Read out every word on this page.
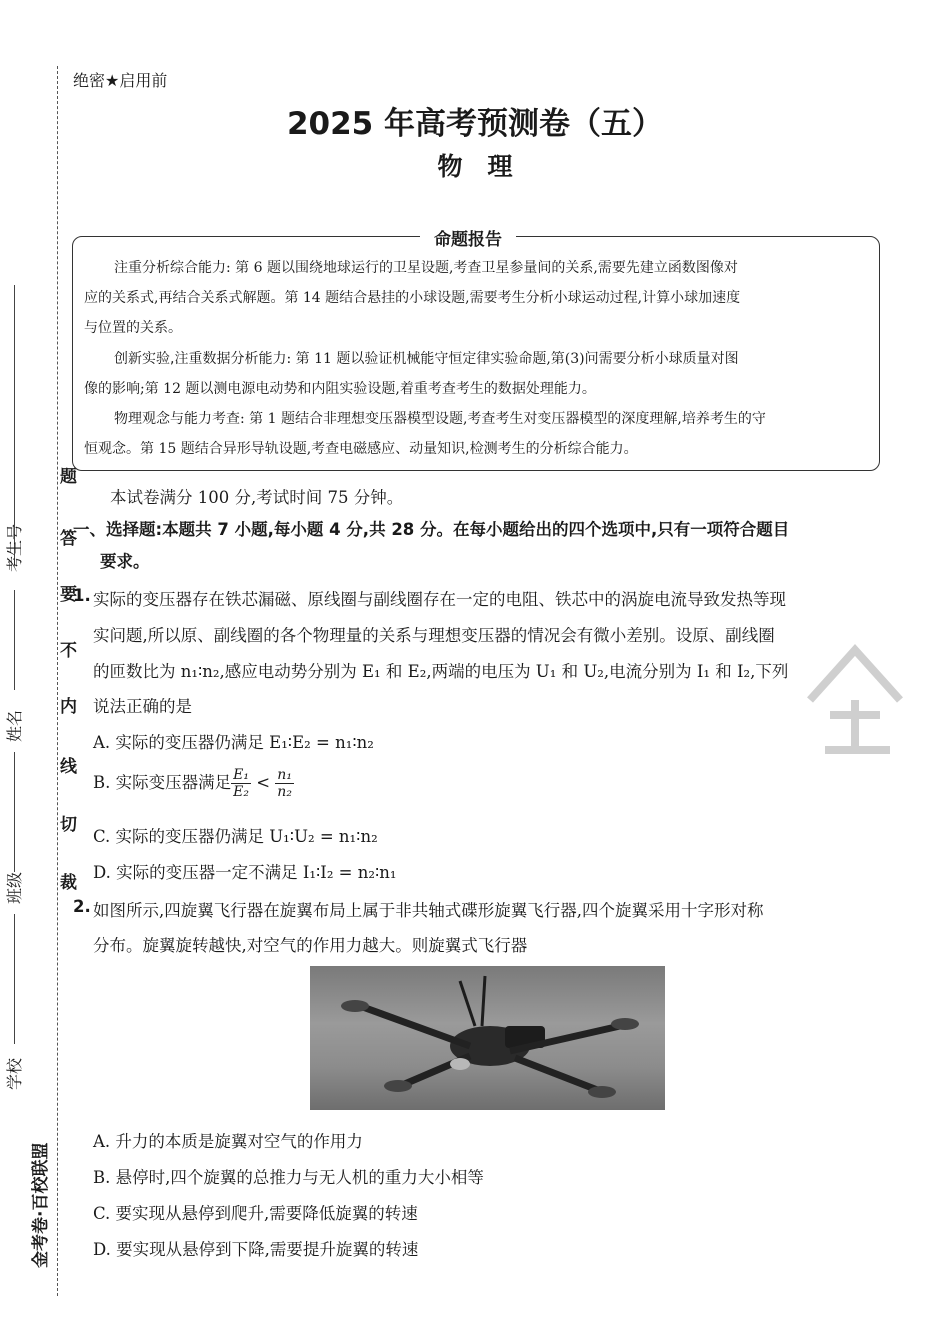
题
答
要
不
内
线
切
裁
考生号
姓名
班级
学校
金考卷·百校联盟
绝密★启用前
2025 年高考预测卷（五）
物　理
命题报告
注重分析综合能力: 第 6 题以围绕地球运行的卫星设题,考查卫星参量间的关系,需要先建立函数图像对
应的关系式,再结合关系式解题。第 14 题结合悬挂的小球设题,需要考生分析小球运动过程,计算小球加速度
与位置的关系。
创新实验,注重数据分析能力: 第 11 题以验证机械能守恒定律实验命题,第(3)问需要分析小球质量对图
像的影响;第 12 题以测电源电动势和内阻实验设题,着重考查考生的数据处理能力。
物理观念与能力考查: 第 1 题结合非理想变压器模型设题,考查考生对变压器模型的深度理解,培养考生的守
恒观念。第 15 题结合异形导轨设题,考查电磁感应、动量知识,检测考生的分析综合能力。
本试卷满分 100 分,考试时间 75 分钟。
一、选择题:本题共 7 小题,每小题 4 分,共 28 分。在每小题给出的四个选项中,只有一项符合题目
要求。
1. 实际的变压器存在铁芯漏磁、原线圈与副线圈存在一定的电阻、铁芯中的涡旋电流导致发热等现
实问题,所以原、副线圈的各个物理量的关系与理想变压器的情况会有微小差别。设原、副线圈
的匝数比为 n₁∶n₂,感应电动势分别为 E₁ 和 E₂,两端的电压为 U₁ 和 U₂,电流分别为 I₁ 和 I₂,下列
说法正确的是
A. 实际的变压器仍满足 E₁∶E₂ = n₁∶n₂
B. 实际变压器满足 $\frac{\text{E₁}}{\text{E₂}} < \frac{\text{n₁}}{\text{n₂}}$
C. 实际的变压器仍满足 U₁∶U₂ = n₁∶n₂
D. 实际的变压器一定不满足 I₁∶I₂ = n₂∶n₁
2. 如图所示,四旋翼飞行器在旋翼布局上属于非共轴式碟形旋翼飞行器,四个旋翼采用十字形对称
分布。旋翼旋转越快,对空气的作用力越大。则旋翼式飞行器
A. 升力的本质是旋翼对空气的作用力
B. 悬停时,四个旋翼的总推力与无人机的重力大小相等
C. 要实现从悬停到爬升,需要降低旋翼的转速
D. 要实现从悬停到下降,需要提升旋翼的转速
